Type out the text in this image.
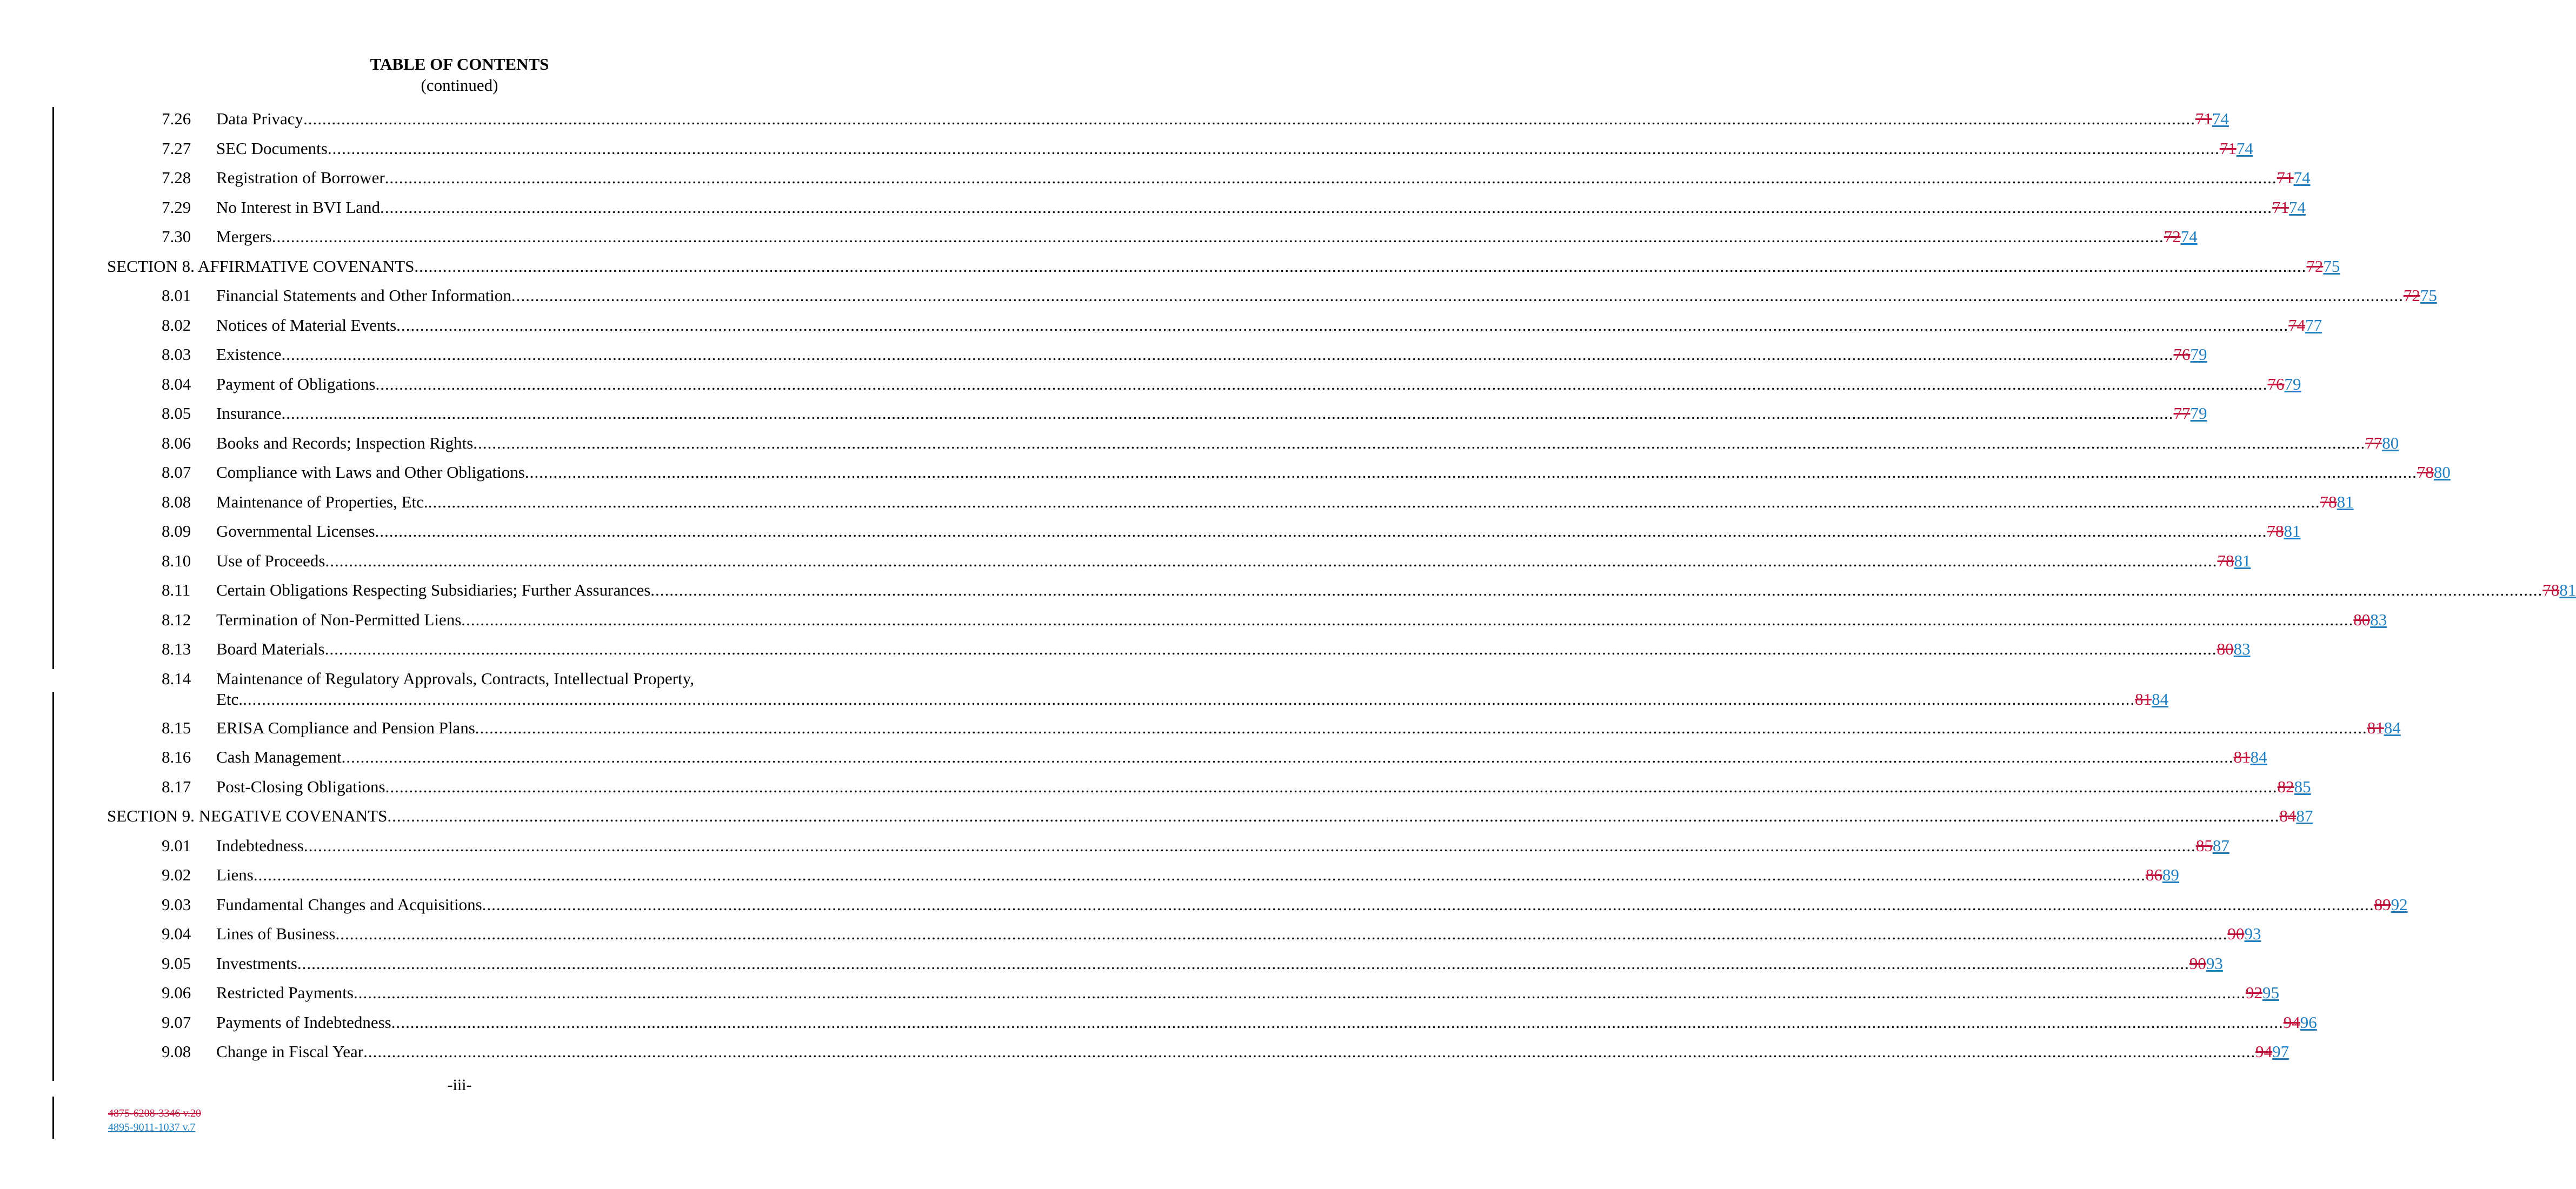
TABLE OF CONTENTS
(continued)
7.26 Data Privacy ................................................................................................................................................................................................................................................................................................................................................................................................................ 7174
7.27 SEC Documents ................................................................................................................................................................................................................................................................................................................................................................................................................ 7174
7.28 Registration of Borrower ................................................................................................................................................................................................................................................................................................................................................................................................................ 7174
7.29 No Interest in BVI Land ................................................................................................................................................................................................................................................................................................................................................................................................................ 7174
7.30 Mergers ................................................................................................................................................................................................................................................................................................................................................................................................................ 7274
SECTION 8. AFFIRMATIVE COVENANTS ................................................................................................................................................................................................................................................................................................................................................................................................................ 7275
8.01 Financial Statements and Other Information ................................................................................................................................................................................................................................................................................................................................................................................................................ 7275
8.02 Notices of Material Events ................................................................................................................................................................................................................................................................................................................................................................................................................ 7477
8.03 Existence ................................................................................................................................................................................................................................................................................................................................................................................................................ 7679
8.04 Payment of Obligations ................................................................................................................................................................................................................................................................................................................................................................................................................ 7679
8.05 Insurance ................................................................................................................................................................................................................................................................................................................................................................................................................ 7779
8.06 Books and Records; Inspection Rights ................................................................................................................................................................................................................................................................................................................................................................................................................ 7780
8.07 Compliance with Laws and Other Obligations ................................................................................................................................................................................................................................................................................................................................................................................................................ 7880
8.08 Maintenance of Properties, Etc. ................................................................................................................................................................................................................................................................................................................................................................................................................ 7881
8.09 Governmental Licenses ................................................................................................................................................................................................................................................................................................................................................................................................................ 7881
8.10 Use of Proceeds ................................................................................................................................................................................................................................................................................................................................................................................................................ 7881
8.11 Certain Obligations Respecting Subsidiaries; Further Assurances ................................................................................................................................................................................................................................................................................................................................................................................................................ 7881
8.12 Termination of Non-Permitted Liens ................................................................................................................................................................................................................................................................................................................................................................................................................ 8083
8.13 Board Materials ................................................................................................................................................................................................................................................................................................................................................................................................................ 8083
8.14 Maintenance of Regulatory Approvals, Contracts, Intellectual Property,
Etc. ................................................................................................................................................................................................................................................................................................................................................................................................................ 8184
8.15 ERISA Compliance and Pension Plans ................................................................................................................................................................................................................................................................................................................................................................................................................ 8184
8.16 Cash Management ................................................................................................................................................................................................................................................................................................................................................................................................................ 8184
8.17 Post-Closing Obligations ................................................................................................................................................................................................................................................................................................................................................................................................................ 8285
SECTION 9. NEGATIVE COVENANTS ................................................................................................................................................................................................................................................................................................................................................................................................................ 8487
9.01 Indebtedness ................................................................................................................................................................................................................................................................................................................................................................................................................ 8587
9.02 Liens ................................................................................................................................................................................................................................................................................................................................................................................................................ 8689
9.03 Fundamental Changes and Acquisitions ................................................................................................................................................................................................................................................................................................................................................................................................................ 8992
9.04 Lines of Business ................................................................................................................................................................................................................................................................................................................................................................................................................ 9093
9.05 Investments ................................................................................................................................................................................................................................................................................................................................................................................................................ 9093
9.06 Restricted Payments ................................................................................................................................................................................................................................................................................................................................................................................................................ 9295
9.07 Payments of Indebtedness ................................................................................................................................................................................................................................................................................................................................................................................................................ 9496
9.08 Change in Fiscal Year ................................................................................................................................................................................................................................................................................................................................................................................................................ 9497
-iii-
4875-6208-3346 v.20
4895-9011-1037 v.7
